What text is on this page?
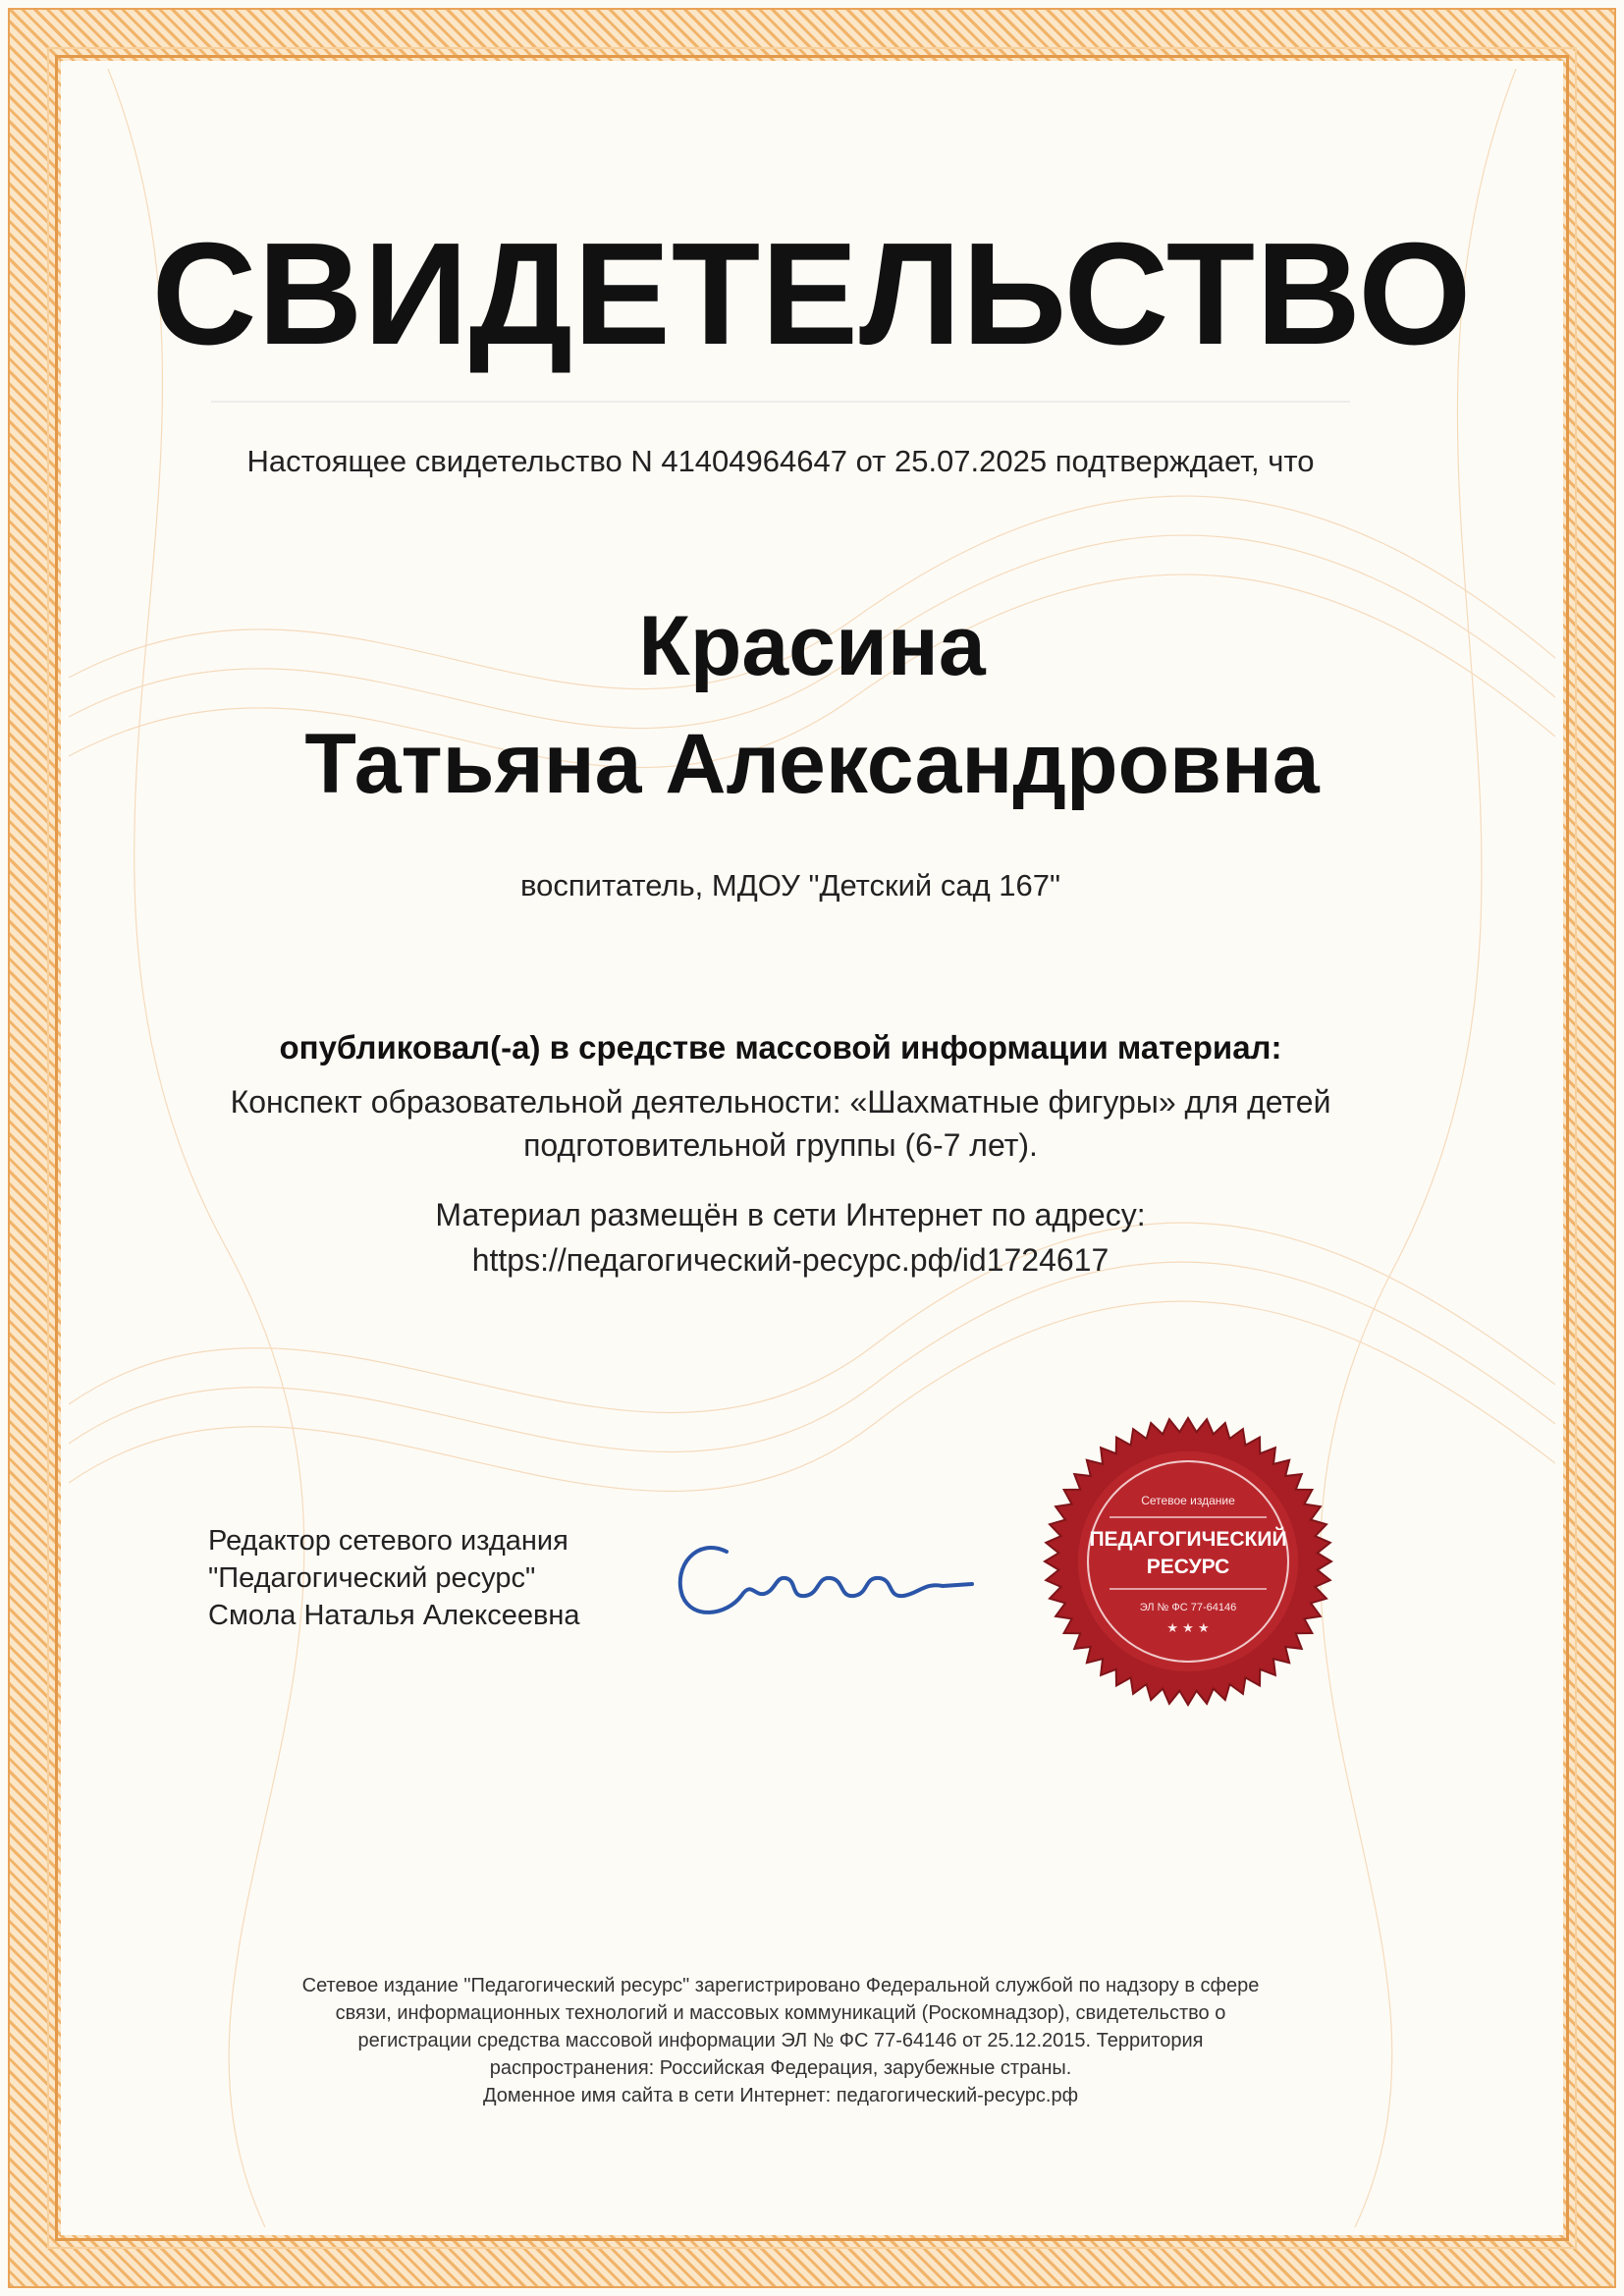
СВИДЕТЕЛЬСТВО
Настоящее свидетельство N 41404964647 от 25.07.2025 подтверждает, что
Красина
Татьяна Александровна
воспитатель, МДОУ "Детский сад 167"
опубликовал(-а) в средстве массовой информации материал:
Конспект образовательной деятельности: «Шахматные фигуры» для детей подготовительной группы (6-7 лет).
Материал размещён в сети Интернет по адресу:
https://педагогический-ресурс.рф/id1724617
Редактор сетевого издания
"Педагогический ресурс"
Смола Наталья Алексеевна
Сетевое издание
ПЕДАГОГИЧЕСКИЙ
РЕСУРС
ЭЛ № ФС 77-64146
★ ★ ★
Сетевое издание "Педагогический ресурс" зарегистрировано Федеральной службой по надзору в сфере
связи, информационных технологий и массовых коммуникаций (Роскомнадзор), свидетельство о
регистрации средства массовой информации ЭЛ № ФС 77-64146 от 25.12.2015. Территория
распространения: Российская Федерация, зарубежные страны.
Доменное имя сайта в сети Интернет: педагогический-ресурс.рф
